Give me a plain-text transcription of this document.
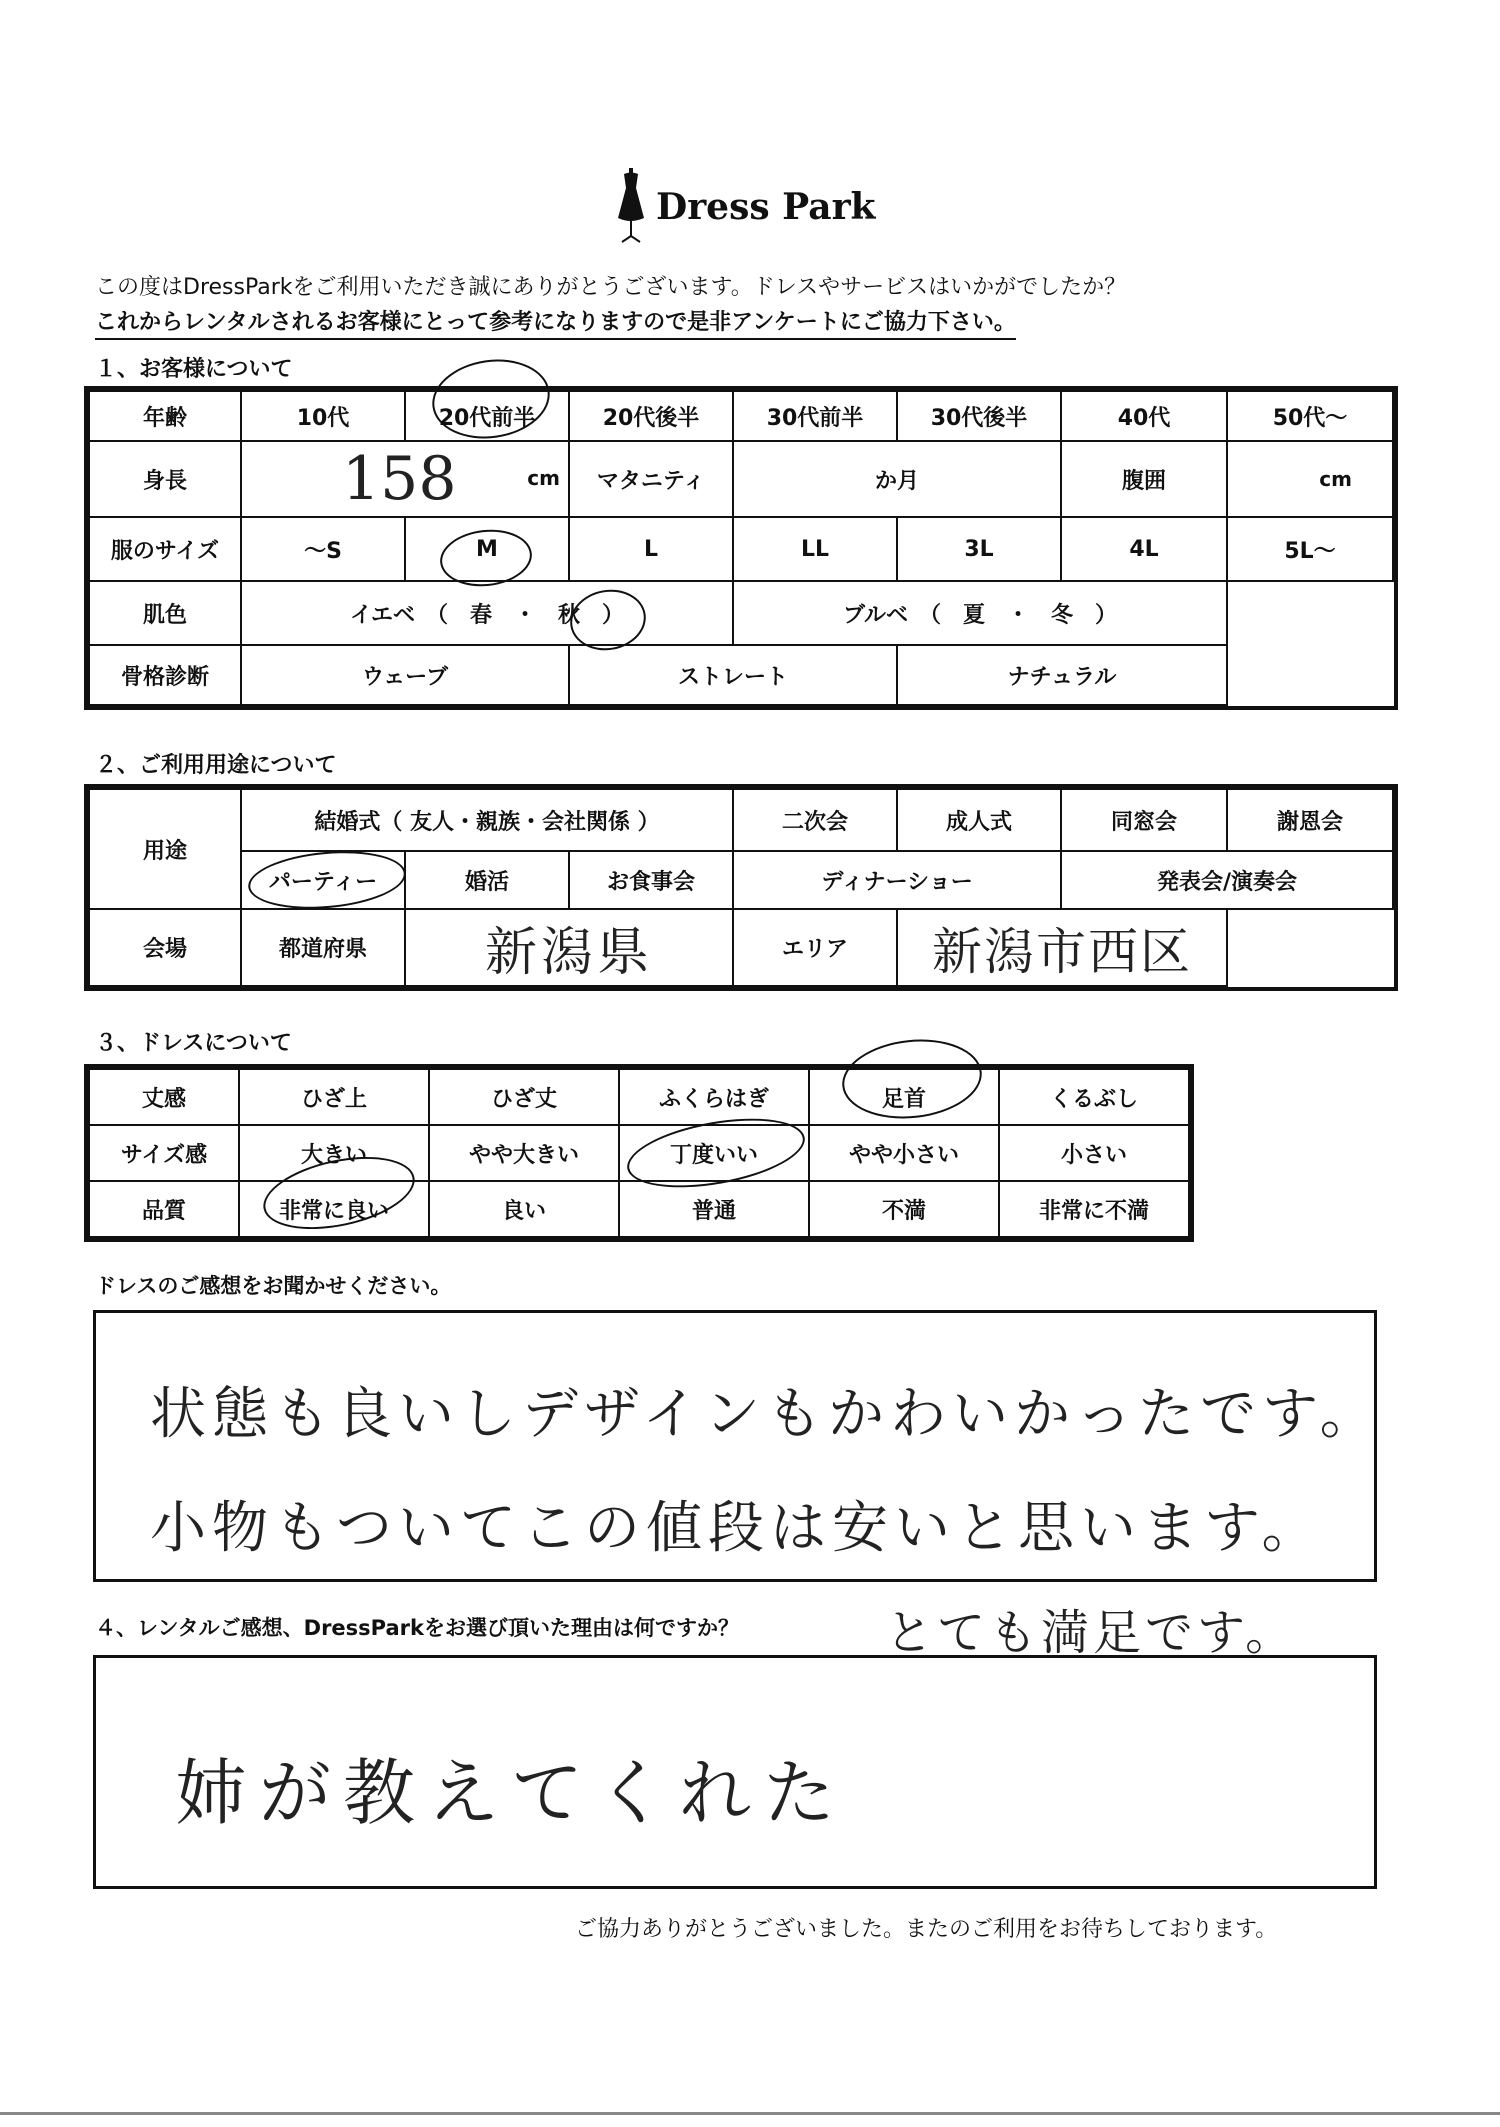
Dress Park
この度はDressParkをご利用いただき誠にありがとうございます。ドレスやサービスはいかがでしたか？
これからレンタルされるお客様にとって参考になりますので是非アンケートにご協力下さい。
１、お客様について
年齢	10代	20代前半	20代後半	30代前半	30代後半	40代	50代～
身長	158 cm		マタニティ	か月		腹囲	cm
服のサイズ	～S	M	L	LL	3L	4L	5L～
肌色	イエベ　（　春　・　秋　）			ブルベ　（　夏　・　冬　）			
骨格診断	ウェーブ		ストレート		ナチュラル		
２、ご利用用途について
用途	結婚式（ 友人・親族・会社関係 ）			二次会	成人式	同窓会	謝恩会
	パーティー	婚活	お食事会	ディナーショー		発表会/演奏会	
会場	都道府県	新潟県		エリア	新潟市西区		
３、ドレスについて
丈感	ひざ上	ひざ丈	ふくらはぎ	足首	くるぶし
サイズ感	大きい	やや大きい	丁度いい	やや小さい	小さい
品質	非常に良い	良い	普通	不満	非常に不満
ドレスのご感想をお聞かせください。
状態も良いしデザインもかわいかったです。
小物もついてこの値段は安いと思います。
４、レンタルご感想、DressParkをお選び頂いた理由は何ですか？	とても満足です。
姉が教えてくれた
ご協力ありがとうございました。またのご利用をお待ちしております。
